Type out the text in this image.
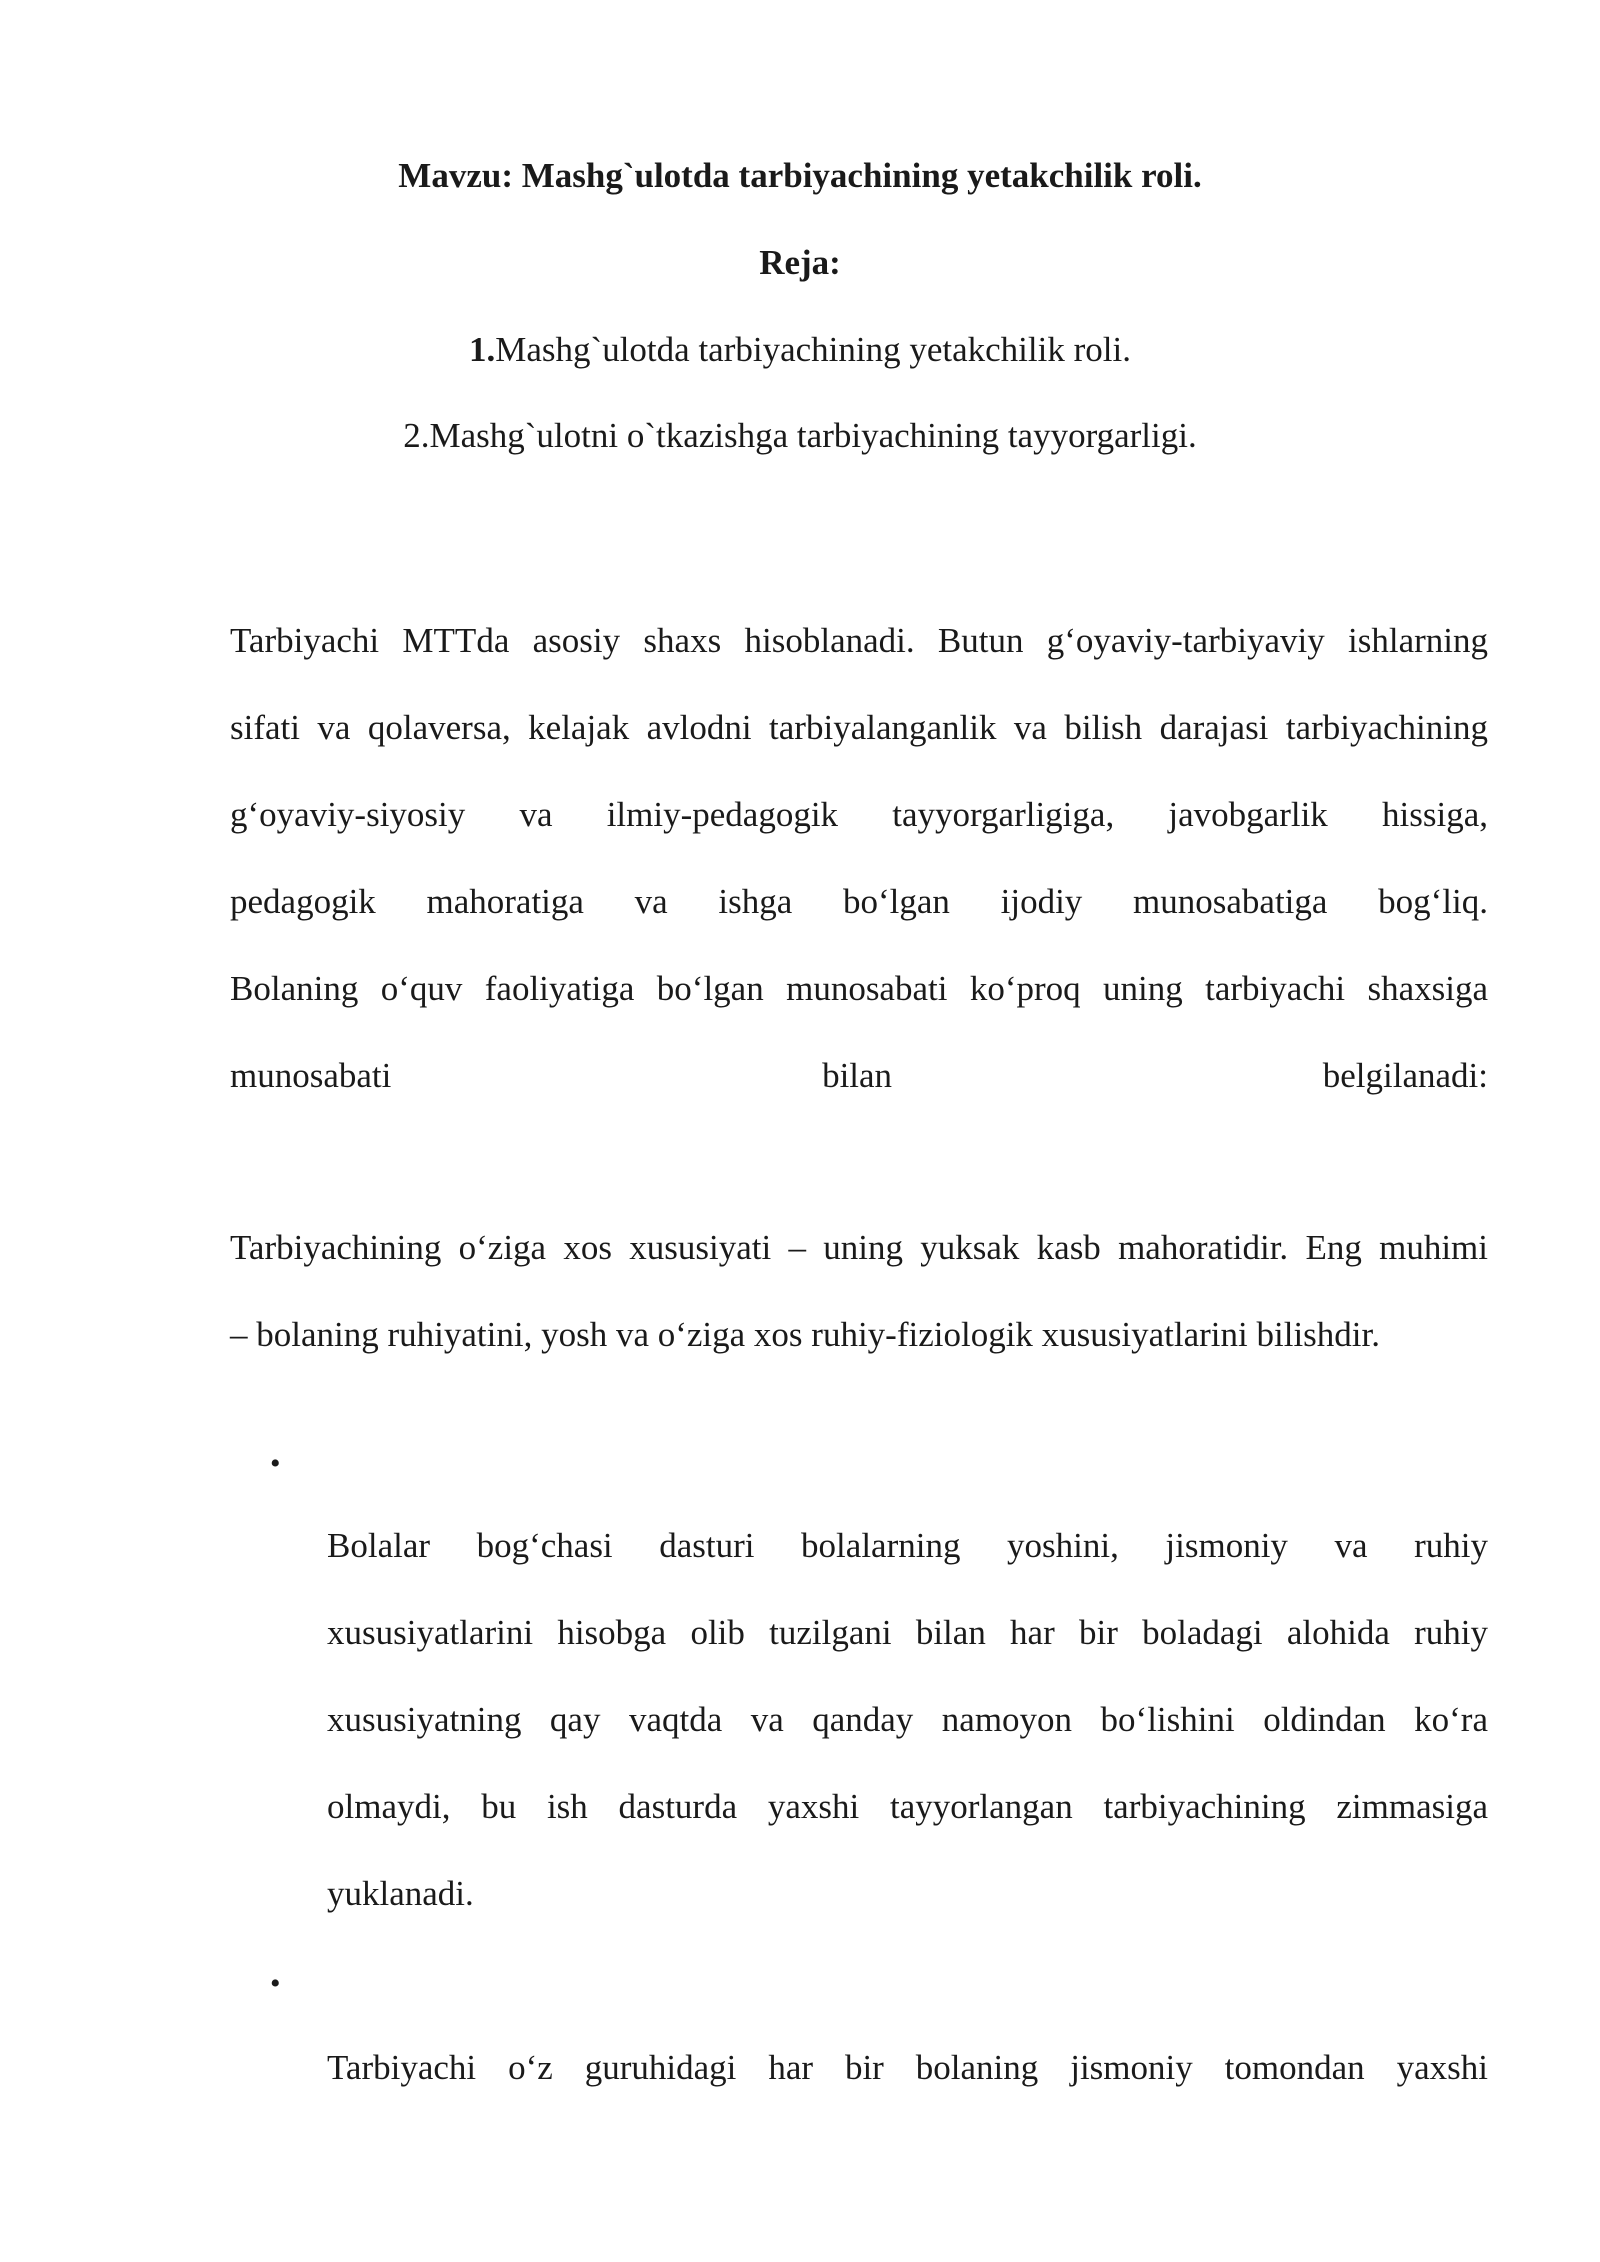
Mavzu: Mashg`ulotda tarbiyachining yetakchilik roli.

Reja:

1.Mashg`ulotda tarbiyachining yetakchilik roli.

2.Mashg`ulotni o`tkazishga tarbiyachining tayyorgarligi.

Tarbiyachi MTTda asosiy shaxs hisoblanadi. Butun g‘oyaviy-tarbiyaviy ishlarning
sifati va qolaversa, kelajak avlodni tarbiyalanganlik va bilish darajasi tarbiyachining
g‘oyaviy-siyosiy va ilmiy-pedagogik tayyorgarligiga, javobgarlik hissiga,
pedagogik mahoratiga va ishga bo‘lgan ijodiy munosabatiga bog‘liq.
Bolaning o‘quv faoliyatiga bo‘lgan munosabati ko‘proq uning tarbiyachi shaxsiga
munosabati bilan belgilanadi:
Tarbiyachining o‘ziga xos xususiyati – uning yuksak kasb mahoratidir. Eng muhimi
– bolaning ruhiyatini, yosh va o‘ziga xos ruhiy-fiziologik xususiyatlarini bilishdir.

•

Bolalar bog‘chasi dasturi bolalarning yoshini, jismoniy va ruhiy
xususiyatlarini hisobga olib tuzilgani bilan har bir boladagi alohida ruhiy
xususiyatning qay vaqtda va qanday namoyon bo‘lishini oldindan ko‘ra
olmaydi, bu ish dasturda yaxshi tayyorlangan tarbiyachining zimmasiga
yuklanadi.

•

Tarbiyachi o‘z guruhidagi har bir bolaning jismoniy tomondan yaxshi
